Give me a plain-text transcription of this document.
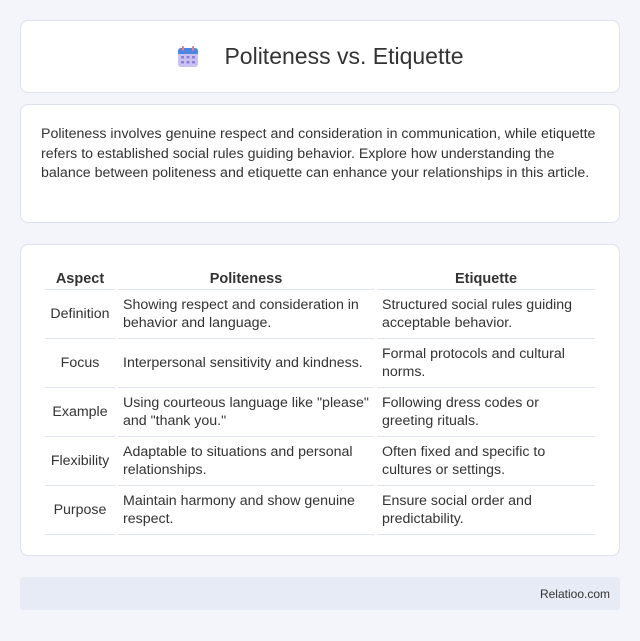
Politeness vs. Etiquette

Politeness involves genuine respect and consideration in communication, while etiquette refers to established social rules guiding behavior. Explore how understanding the balance between politeness and etiquette can enhance your relationships in this article.

Aspect	Politeness	Etiquette
Definition	Showing respect and consideration in behavior and language.	Structured social rules guiding acceptable behavior.
Focus	Interpersonal sensitivity and kindness.	Formal protocols and cultural norms.
Example	Using courteous language like "please" and "thank you."	Following dress codes or greeting rituals.
Flexibility	Adaptable to situations and personal relationships.	Often fixed and specific to cultures or settings.
Purpose	Maintain harmony and show genuine respect.	Ensure social order and predictability.
Relatioo.com
